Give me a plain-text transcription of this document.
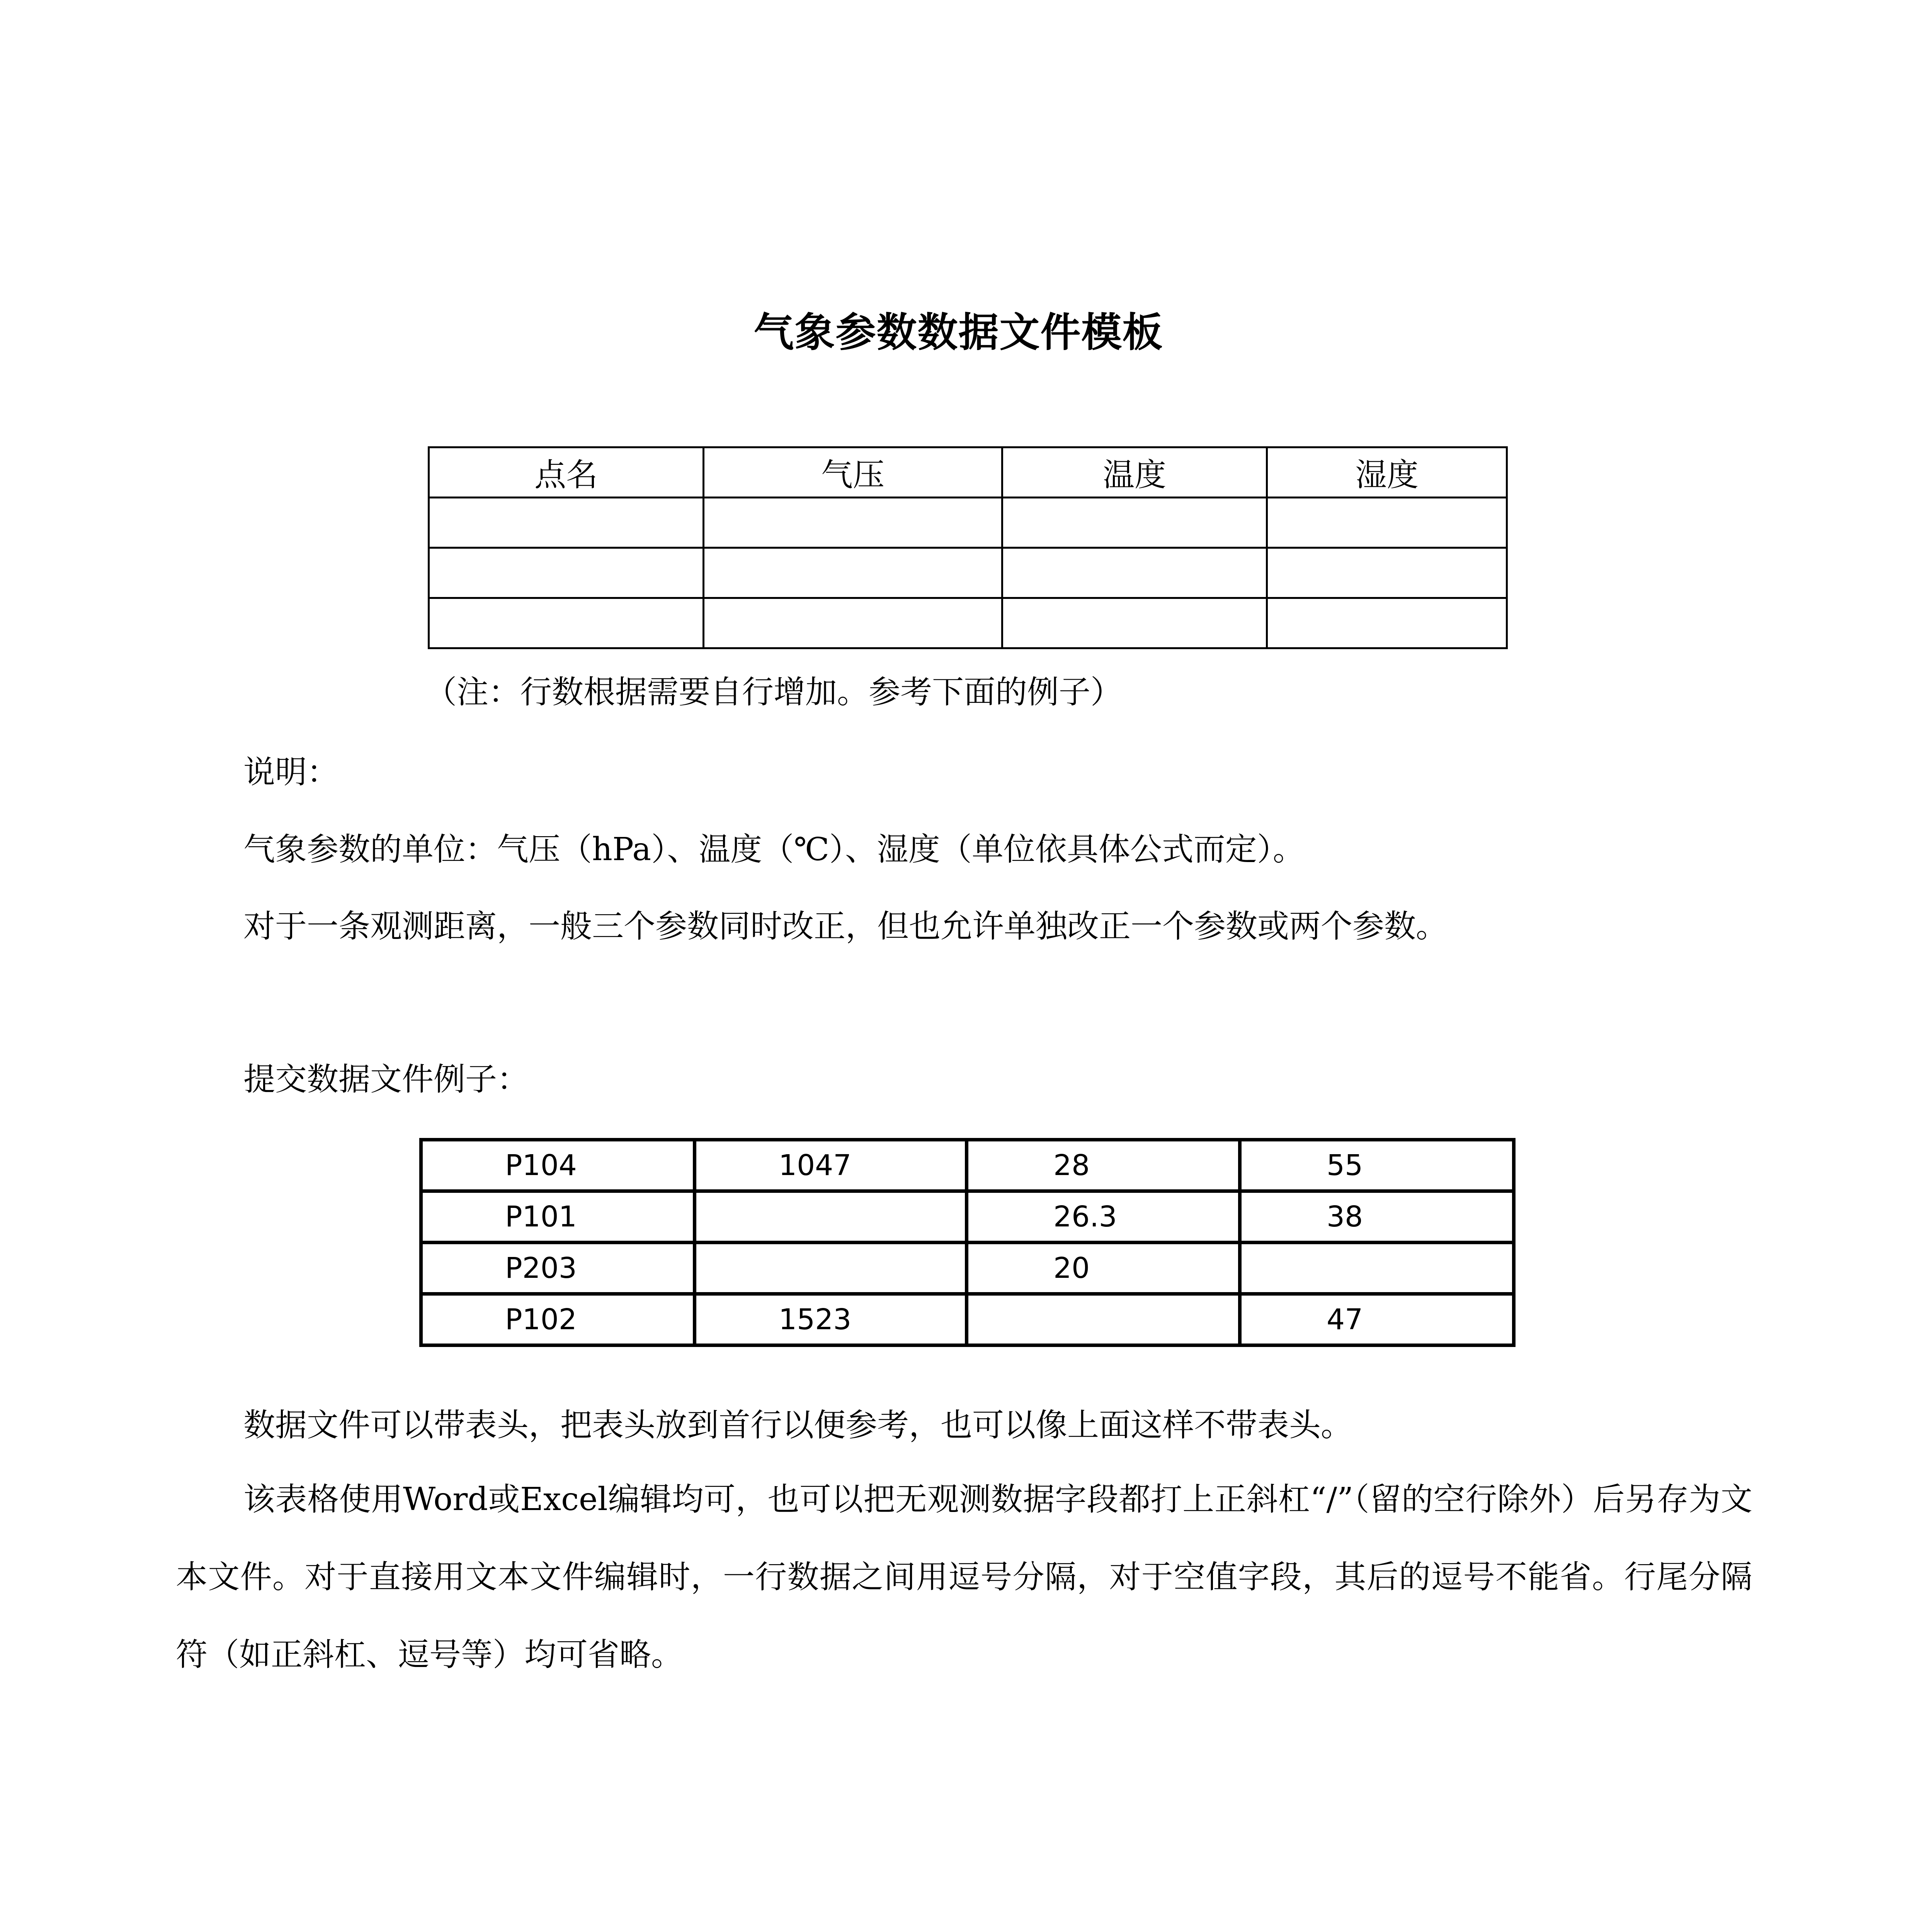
气象参数数据文件模板
点名	气压	温度	湿度

（注：行数根据需要自行增加。参考下面的例子）
说明：
气象参数的单位：气压（hPa）、温度（℃）、湿度（单位依具体公式而定）。
对于一条观测距离，一般三个参数同时改正，但也允许单独改正一个参数或两个参数。
提交数据文件例子：
P104	1047	28	55
P101		26.3	38
P203		20	
P102	1523		47
数据文件可以带表头，把表头放到首行以便参考，也可以像上面这样不带表头。
该表格使用Word或Excel编辑均可，也可以把无观测数据字段都打上正斜杠“/”（留的空行除外）后另存为文本文件。对于直接用文本文件编辑时，一行数据之间用逗号分隔，对于空值字段，其后的逗号不能省。行尾分隔符（如正斜杠、逗号等）均可省略。
